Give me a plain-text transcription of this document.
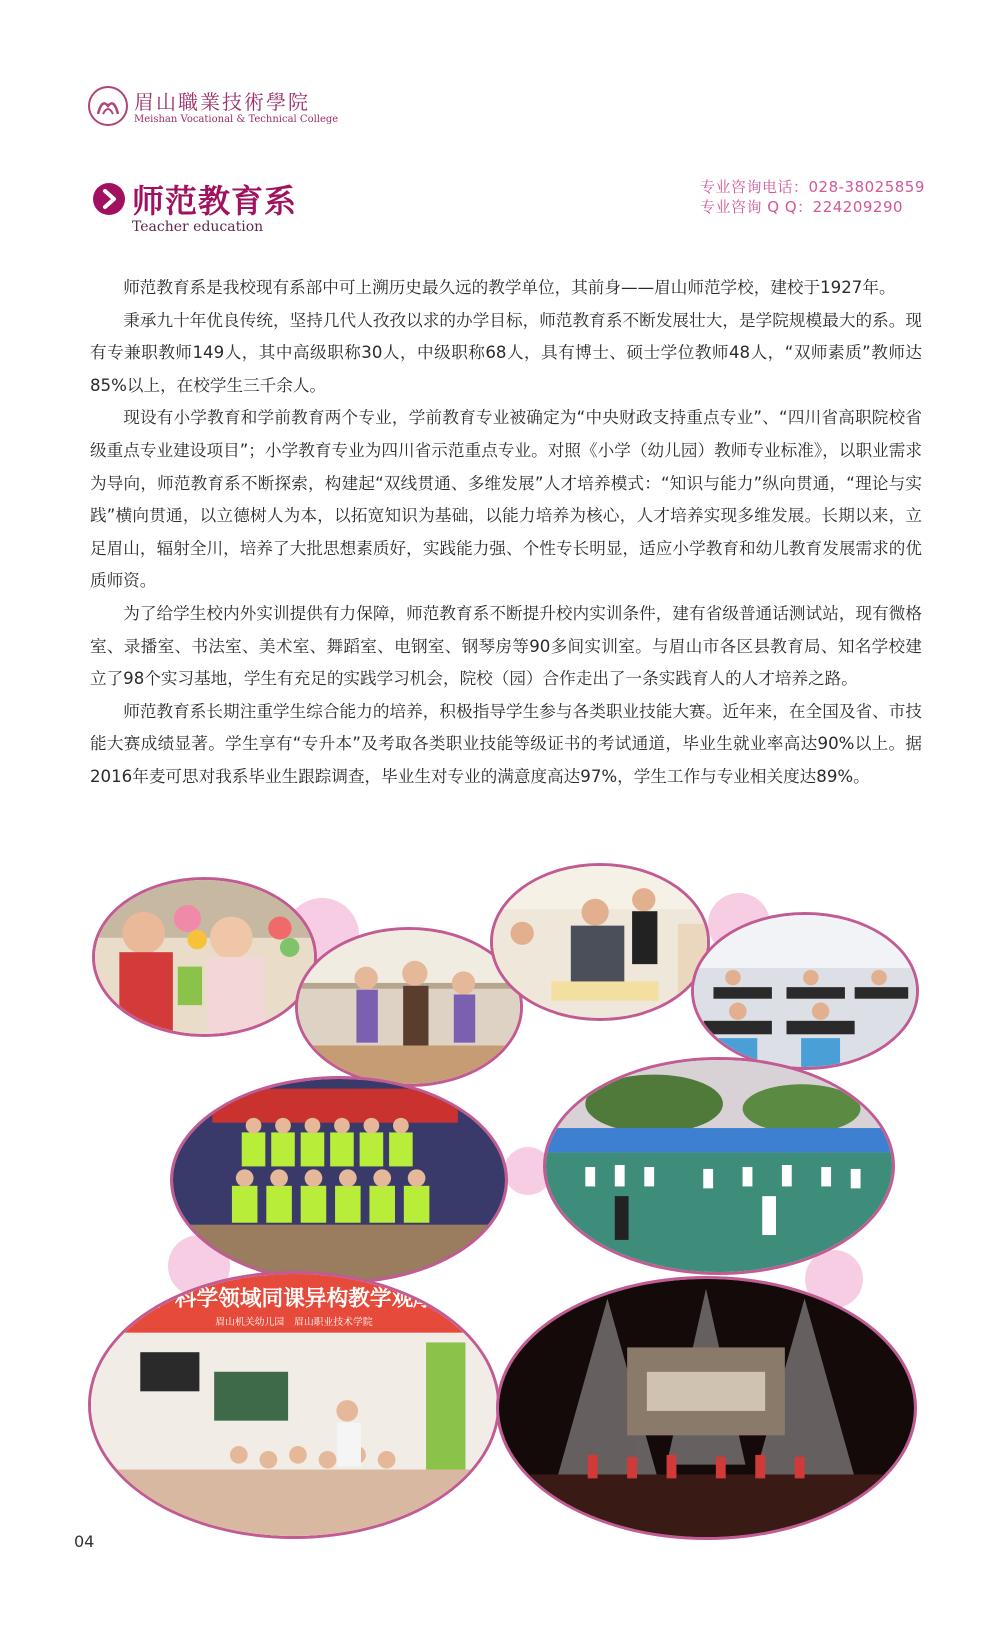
眉山職業技術學院
Meishan Vocational & Technical College
师范教育系
Teacher education
专业咨询电话：028-38025859
专业咨询 Q Q：224209290

师范教育系是我校现有系部中可上溯历史最久远的教学单位，其前身——眉山师范学校，建校于1927年。

秉承九十年优良传统，坚持几代人孜孜以求的办学目标，师范教育系不断发展壮大，是学院规模最大的系。现有专兼职教师149人，其中高级职称30人，中级职称68人，具有博士、硕士学位教师48人，“双师素质”教师达85%以上，在校学生三千余人。

现设有小学教育和学前教育两个专业，学前教育专业被确定为“中央财政支持重点专业”、“四川省高职院校省级重点专业建设项目”；小学教育专业为四川省示范重点专业。对照《小学（幼儿园）教师专业标准》，以职业需求为导向，师范教育系不断探索，构建起“双线贯通、多维发展”人才培养模式：“知识与能力”纵向贯通，“理论与实践”横向贯通，以立德树人为本，以拓宽知识为基础，以能力培养为核心，人才培养实现多维发展。长期以来，立足眉山，辐射全川，培养了大批思想素质好，实践能力强、个性专长明显，适应小学教育和幼儿教育发展需求的优质师资。

为了给学生校内外实训提供有力保障，师范教育系不断提升校内实训条件，建有省级普通话测试站，现有微格室、录播室、书法室、美术室、舞蹈室、电钢室、钢琴房等90多间实训室。与眉山市各区县教育局、知名学校建立了98个实习基地，学生有充足的实践学习机会，院校（园）合作走出了一条实践育人的人才培养之路。

师范教育系长期注重学生综合能力的培养，积极指导学生参与各类职业技能大赛。近年来，在全国及省、市技能大赛成绩显著。学生享有“专升本”及考取各类职业技能等级证书的考试通道，毕业生就业率高达90%以上。据2016年麦可思对我系毕业生跟踪调查，毕业生对专业的满意度高达97%，学生工作与专业相关度达89%。

艺术、科学领域同课异构教学观摩活动
眉山机关幼儿园　眉山职业技术学院
04
